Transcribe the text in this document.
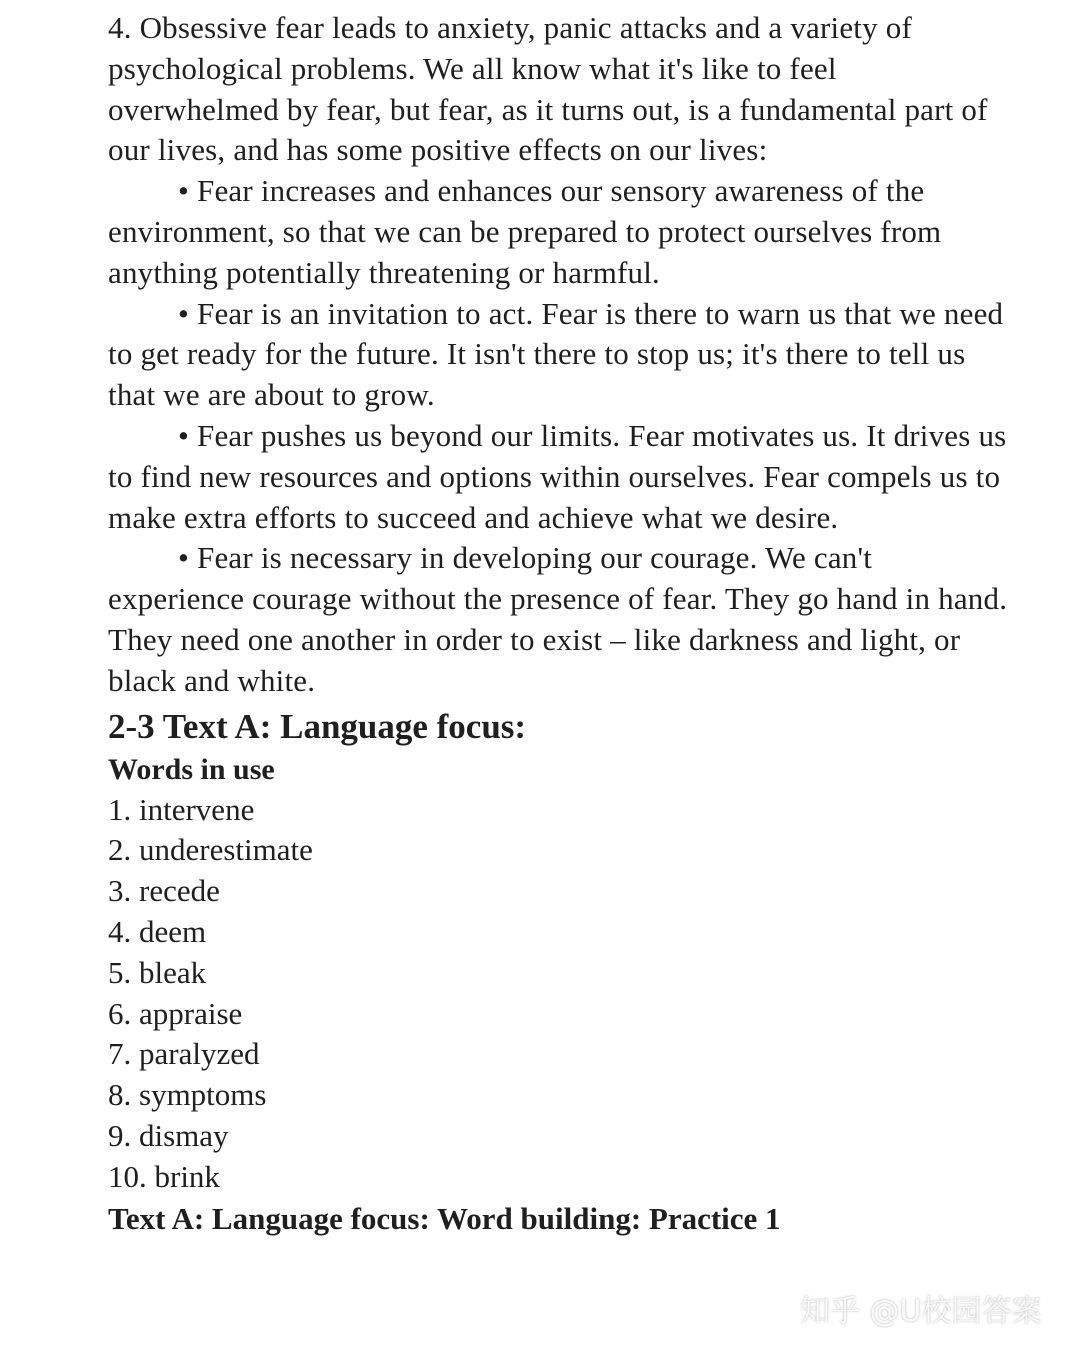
4. Obsessive fear leads to anxiety, panic attacks and a variety of psychological problems. We all know what it's like to feel overwhelmed by fear, but fear, as it turns out, is a fundamental part of our lives, and has some positive effects on our lives:

• Fear increases and enhances our sensory awareness of the environment, so that we can be prepared to protect ourselves from anything potentially threatening or harmful.

• Fear is an invitation to act. Fear is there to warn us that we need to get ready for the future. It isn't there to stop us; it's there to tell us that we are about to grow.

• Fear pushes us beyond our limits. Fear motivates us. It drives us to find new resources and options within ourselves. Fear compels us to make extra efforts to succeed and achieve what we desire.

• Fear is necessary in developing our courage. We can't experience courage without the presence of fear. They go hand in hand. They need one another in order to exist – like darkness and light, or black and white.

2-3 Text A: Language focus:
Words in use
1. intervene
2. underestimate
3. recede
4. deem
5. bleak
6. appraise
7. paralyzed
8. symptoms
9. dismay
10. brink

Text A: Language focus: Word building: Practice 1

知乎 @U校园答案
